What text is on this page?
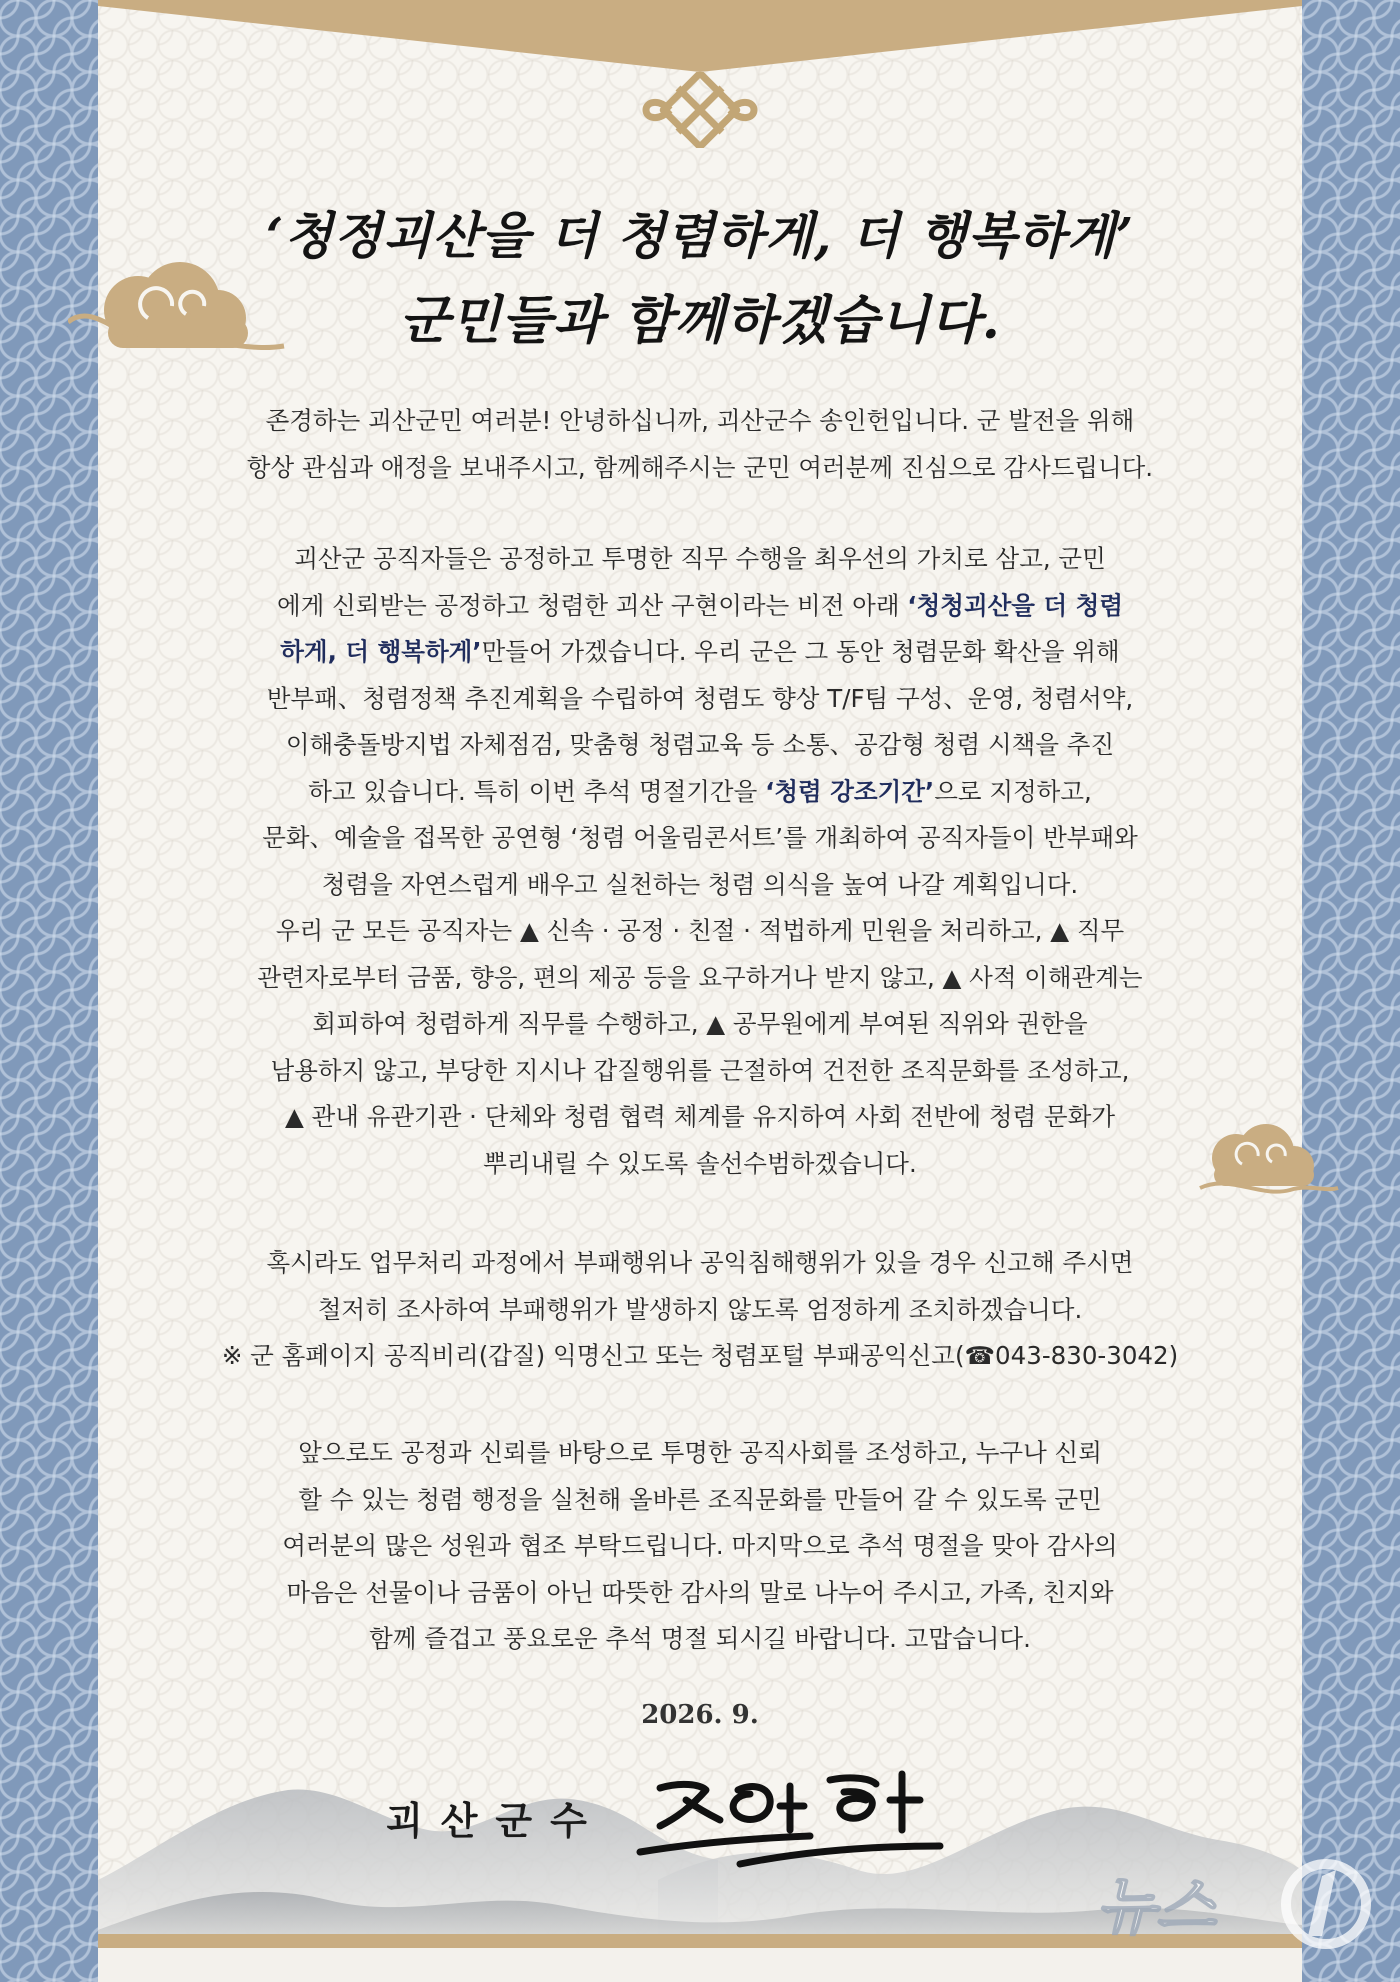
‘청정괴산을 더 청렴하게, 더 행복하게’
군민들과 함께하겠습니다.
존경하는 괴산군민 여러분! 안녕하십니까, 괴산군수 송인헌입니다. 군 발전을 위해
항상 관심과 애정을 보내주시고, 함께해주시는 군민 여러분께 진심으로 감사드립니다.
괴산군 공직자들은 공정하고 투명한 직무 수행을 최우선의 가치로 삼고, 군민
에게 신뢰받는 공정하고 청렴한 괴산 구현이라는 비전 아래 ‘청청괴산을 더 청렴
하게, 더 행복하게’만들어 가겠습니다. 우리 군은 그 동안 청렴문화 확산을 위해
반부패、청렴정책 추진계획을 수립하여 청렴도 향상 T/F팀 구성、운영, 청렴서약,
이해충돌방지법 자체점검, 맞춤형 청렴교육 등 소통、공감형 청렴 시책을 추진
하고 있습니다. 특히 이번 추석 명절기간을 ‘청렴 강조기간’으로 지정하고,
문화、예술을 접목한 공연형 ‘청렴 어울림콘서트’를 개최하여 공직자들이 반부패와
청렴을 자연스럽게 배우고 실천하는 청렴 의식을 높여 나갈 계획입니다.
우리 군 모든 공직자는 ▲ 신속 · 공정 · 친절 · 적법하게 민원을 처리하고, ▲ 직무
관련자로부터 금품, 향응, 편의 제공 등을 요구하거나 받지 않고, ▲ 사적 이해관계는
회피하여 청렴하게 직무를 수행하고, ▲ 공무원에게 부여된 직위와 권한을
남용하지 않고, 부당한 지시나 갑질행위를 근절하여 건전한 조직문화를 조성하고,
▲ 관내 유관기관 · 단체와 청렴 협력 체계를 유지하여 사회 전반에 청렴 문화가
뿌리내릴 수 있도록 솔선수범하겠습니다.
혹시라도 업무처리 과정에서 부패행위나 공익침해행위가 있을 경우 신고해 주시면
철저히 조사하여 부패행위가 발생하지 않도록 엄정하게 조치하겠습니다.
※ 군 홈페이지 공직비리(갑질) 익명신고 또는 청렴포털 부패공익신고(☎043-830-3042)
앞으로도 공정과 신뢰를 바탕으로 투명한 공직사회를 조성하고, 누구나 신뢰
할 수 있는 청렴 행정을 실천해 올바른 조직문화를 만들어 갈 수 있도록 군민
여러분의 많은 성원과 협조 부탁드립니다. 마지막으로 추석 명절을 맞아 감사의
마음은 선물이나 금품이 아닌 따뜻한 감사의 말로 나누어 주시고, 가족, 친지와
함께 즐겁고 풍요로운 추석 명절 되시길 바랍니다. 고맙습니다.
2026. 9.
괴산군수
뉴스
